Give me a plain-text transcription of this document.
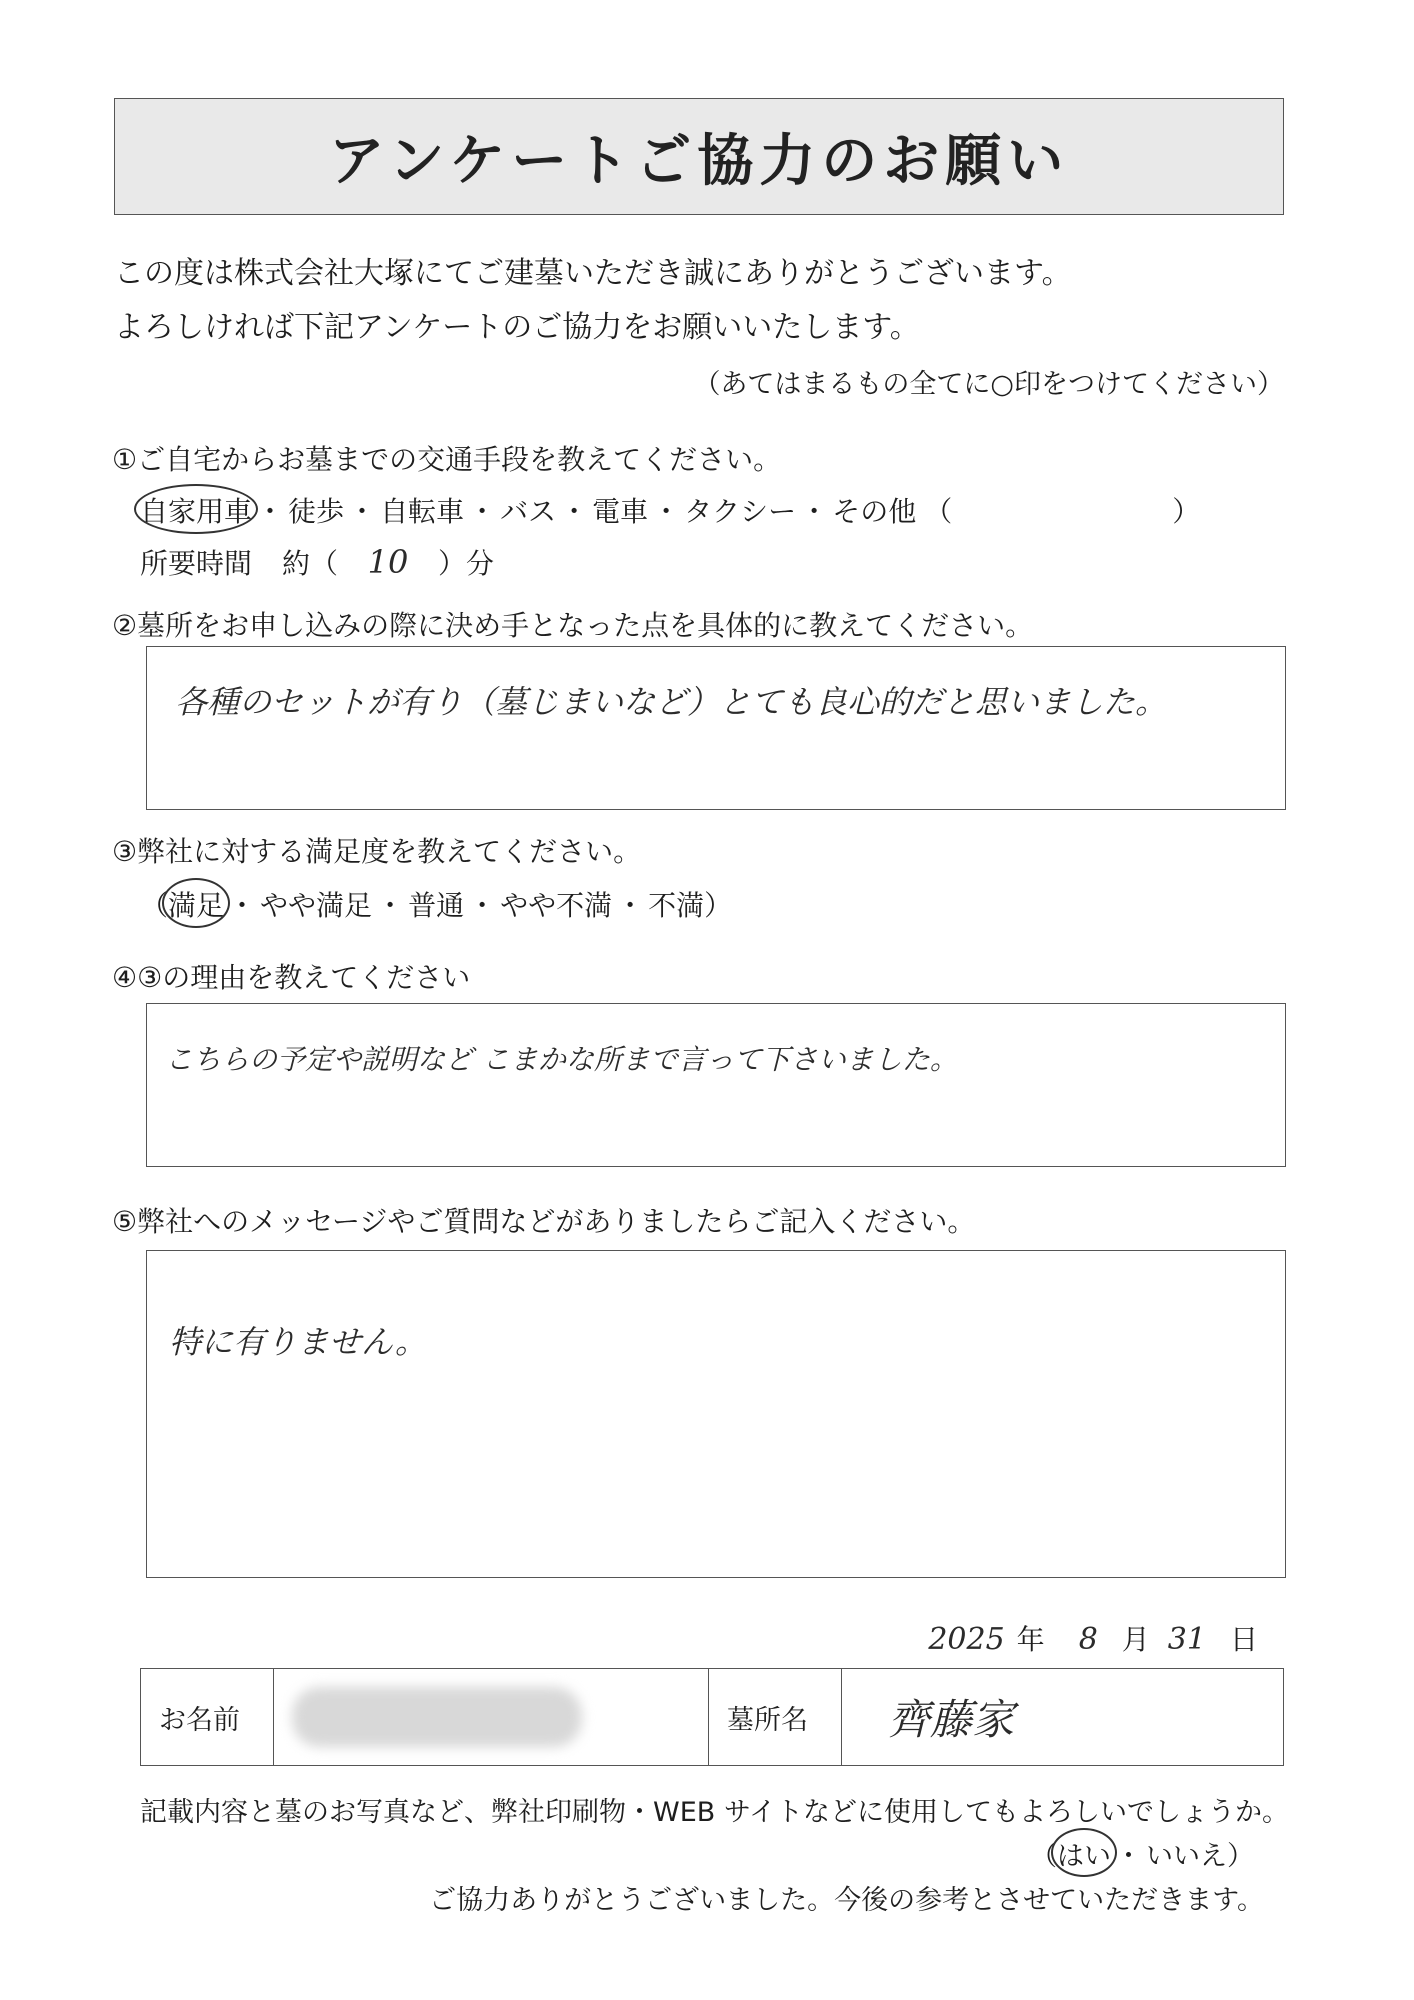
アンケートご協力のお願い
この度は株式会社大塚にてご建墓いただき誠にありがとうございます。
よろしければ下記アンケートのご協力をお願いいたします。
（あてはまるもの全てに○印をつけてください）
①ご自宅からお墓までの交通手段を教えてください。
自家用車 ・ 徒歩 ・ 自転車 ・ バス ・ 電車 ・ タクシー ・ その他 （	）
所要時間 約（ 10	）分
②墓所をお申し込みの際に決め手となった点を具体的に教えてください。
各種のセットが有り（墓じまいなど）とても良心的だと思いました。
③弊社に対する満足度を教えてください。
（ 満足 ・ やや満足 ・ 普通 ・ やや不満 ・ 不満 ）
④③の理由を教えてください
こちらの予定や説明など こまかな所まで言って下さいました。
⑤弊社へのメッセージやご質問などがありましたらご記入ください。
特に有りません。
2025 年 8 月 31 日
お名前		墓所名	齊藤家
記載内容と墓のお写真など、弊社印刷物・WEB サイトなどに使用してもよろしいでしょうか。
（ はい ・ いいえ ）
ご協力ありがとうございました。今後の参考とさせていただきます。
